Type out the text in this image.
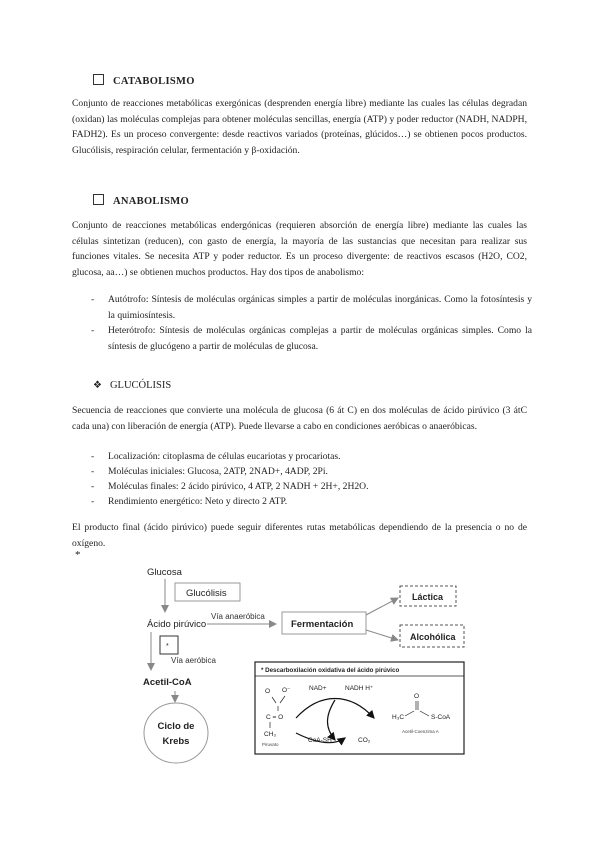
CATABOLISMO
Conjunto de reacciones metabólicas exergónicas (desprenden energía libre) mediante las cuales las células degradan (oxidan) las moléculas complejas para obtener moléculas sencillas, energía (ATP) y poder reductor (NADH, NADPH, FADH2). Es un proceso convergente: desde reactivos variados (proteínas, glúcidos…) se obtienen pocos productos. Glucólisis, respiración celular, fermentación y β-oxidación.
ANABOLISMO
Conjunto de reacciones metabólicas endergónicas (requieren absorción de energía libre) mediante las cuales las células sintetizan (reducen), con gasto de energía, la mayoría de las sustancias que necesitan para realizar sus funciones vitales. Se necesita ATP y poder reductor. Es un proceso divergente: de reactivos escasos (H2O, CO2, glucosa, aa…) se obtienen muchos productos. Hay dos tipos de anabolismo:
- Autótrofo: Síntesis de moléculas orgánicas simples a partir de moléculas inorgánicas. Como la fotosíntesis y la quimiosíntesis.
- Heterótrofo: Síntesis de moléculas orgánicas complejas a partir de moléculas orgánicas simples. Como la síntesis de glucógeno a partir de moléculas de glucosa.
❖ GLUCÓLISIS
Secuencia de reacciones que convierte una molécula de glucosa (6 át C) en dos moléculas de ácido pirúvico (3 átC cada una) con liberación de energía (ATP). Puede llevarse a cabo en condiciones aeróbicas o anaeróbicas.
- Localización: citoplasma de células eucariotas y procariotas.
- Moléculas iniciales: Glucosa, 2ATP, 2NAD+, 4ADP, 2Pi.
- Moléculas finales: 2 ácido pirúvico, 4 ATP, 2 NADH + 2H+, 2H2O.
- Rendimiento energético: Neto y directo 2 ATP.
El producto final (ácido pirúvico) puede seguir diferentes rutas metabólicas dependiendo de la presencia o no de oxígeno.
*
Glucosa
Glucólisis
Ácido pirúvico
Vía anaeróbica
Fermentación
Láctica
Alcohólica
*
Vía aeróbica
Acetil-CoA
Ciclo de
Krebs
* Descarboxilación oxidativa del ácido pirúvico
O O⁻
C = O
CH₃
Piruvato
NAD+	NADH H⁺
CoA-SH	CO₂
O
H₃C	S-CoA
Acetil-Coenzima A
